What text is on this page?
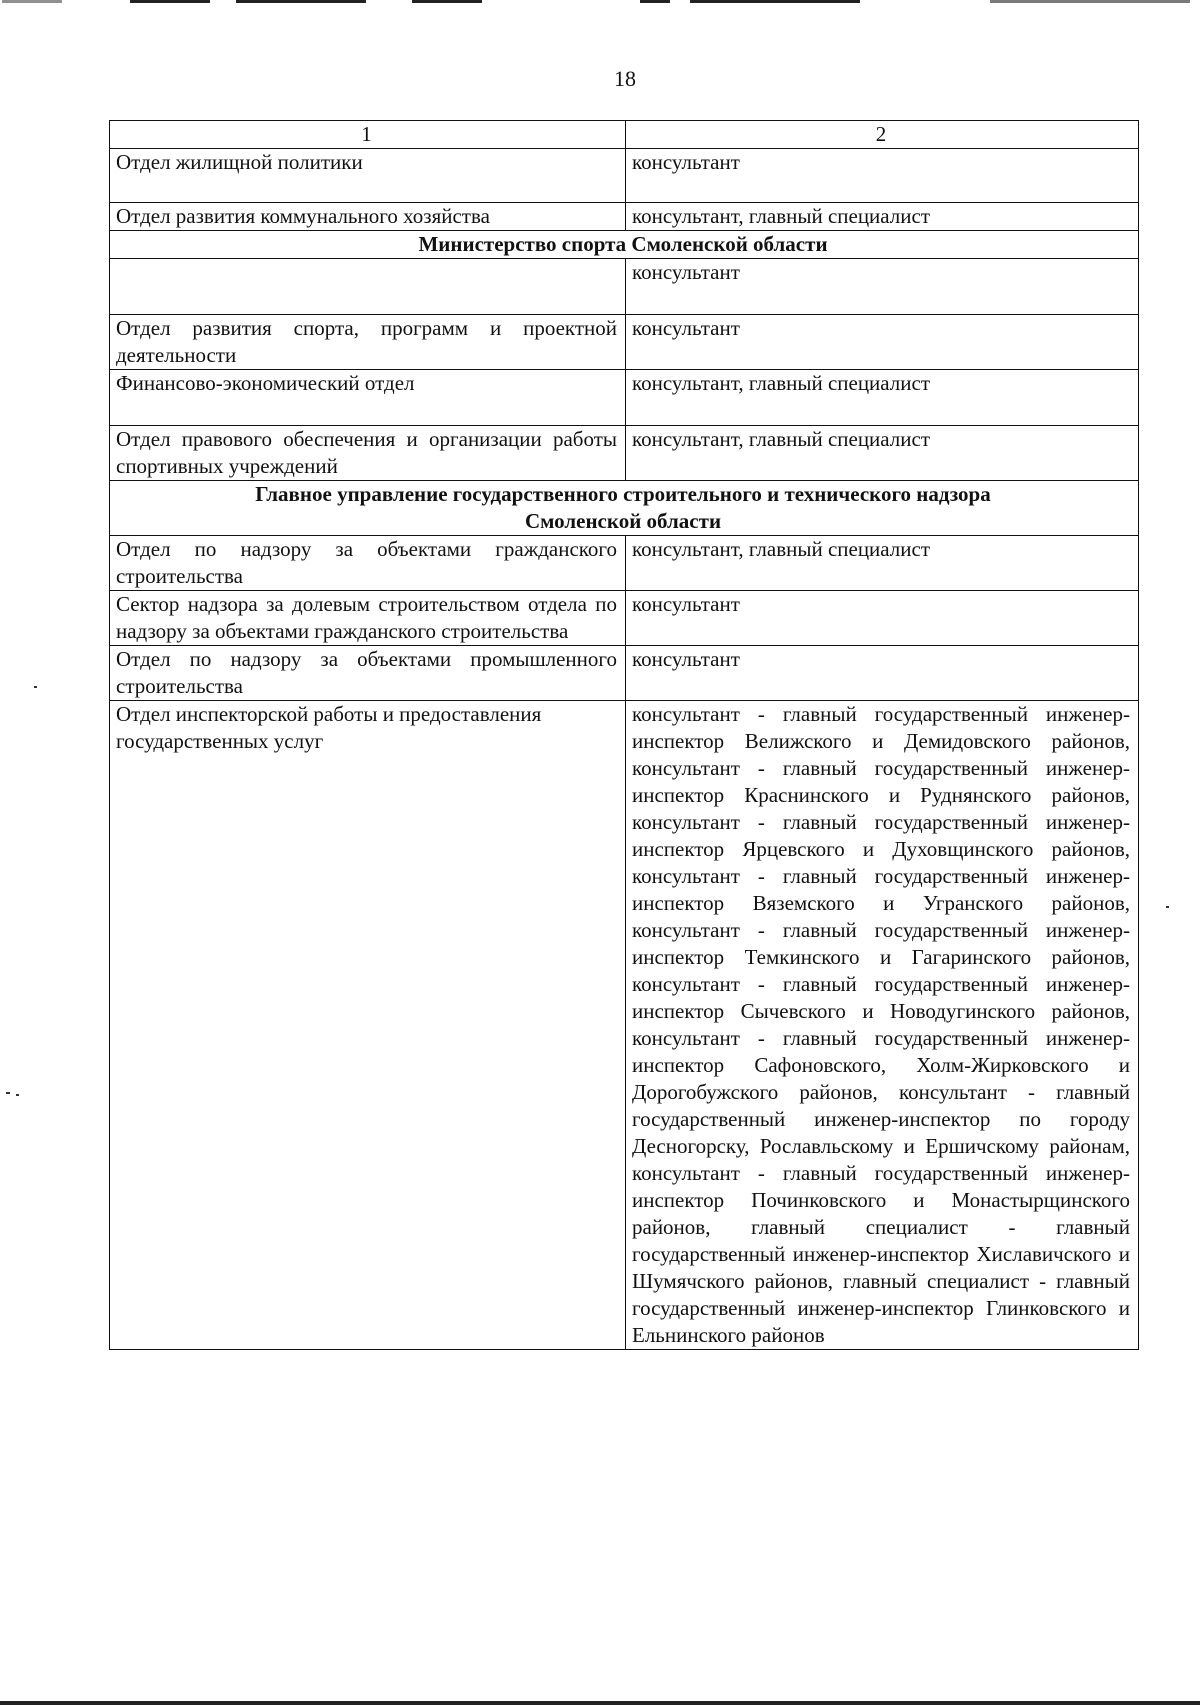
18
1	2
Отдел жилищной политики	консультант
Отдел развития коммунального хозяйства	консультант, главный специалист

Министерство спорта Смоленской области	

	консультант
Отдел развития спорта, программ и проектной деятельности	консультант
Финансово-экономический отдел	консультант, главный специалист
Отдел правового обеспечения и организации работы спортивных учреждений	консультант, главный специалист

Главное управление государственного строительного и технического надзора
Смоленской области	

Отдел по надзору за объектами гражданского строительства	консультант, главный специалист
Сектор надзора за долевым строительством отдела по надзору за объектами гражданского строительства	консультант
Отдел по надзору за объектами промышленного строительства	консультант
Отдел инспекторской работы и предоставления государственных услуг	консультант - главный государственный инженер-инспектор Велижского и Демидовского районов, консультант - главный государственный инженер-инспектор Краснинского и Руднянского районов, консультант - главный государственный инженер-инспектор Ярцевского и Духовщинского районов, консультант - главный государственный инженер-инспектор Вяземского и Угранского районов, консультант - главный государственный инженер-инспектор Темкинского и Гагаринского районов, консультант - главный государственный инженер-инспектор Сычевского и Новодугинского районов, консультант - главный государственный инженер-инспектор Сафоновского, Холм-Жирковского и Дорогобужского районов, консультант - главный государственный инженер-инспектор по городу Десногорску, Рославльскому и Ершичскому районам, консультант - главный государственный инженер-инспектор Починковского и Монастырщинского районов, главный специалист - главный государственный инженер-инспектор Хиславичского и Шумячского районов, главный специалист - главный государственный инженер-инспектор Глинковского и Ельнинского районов
